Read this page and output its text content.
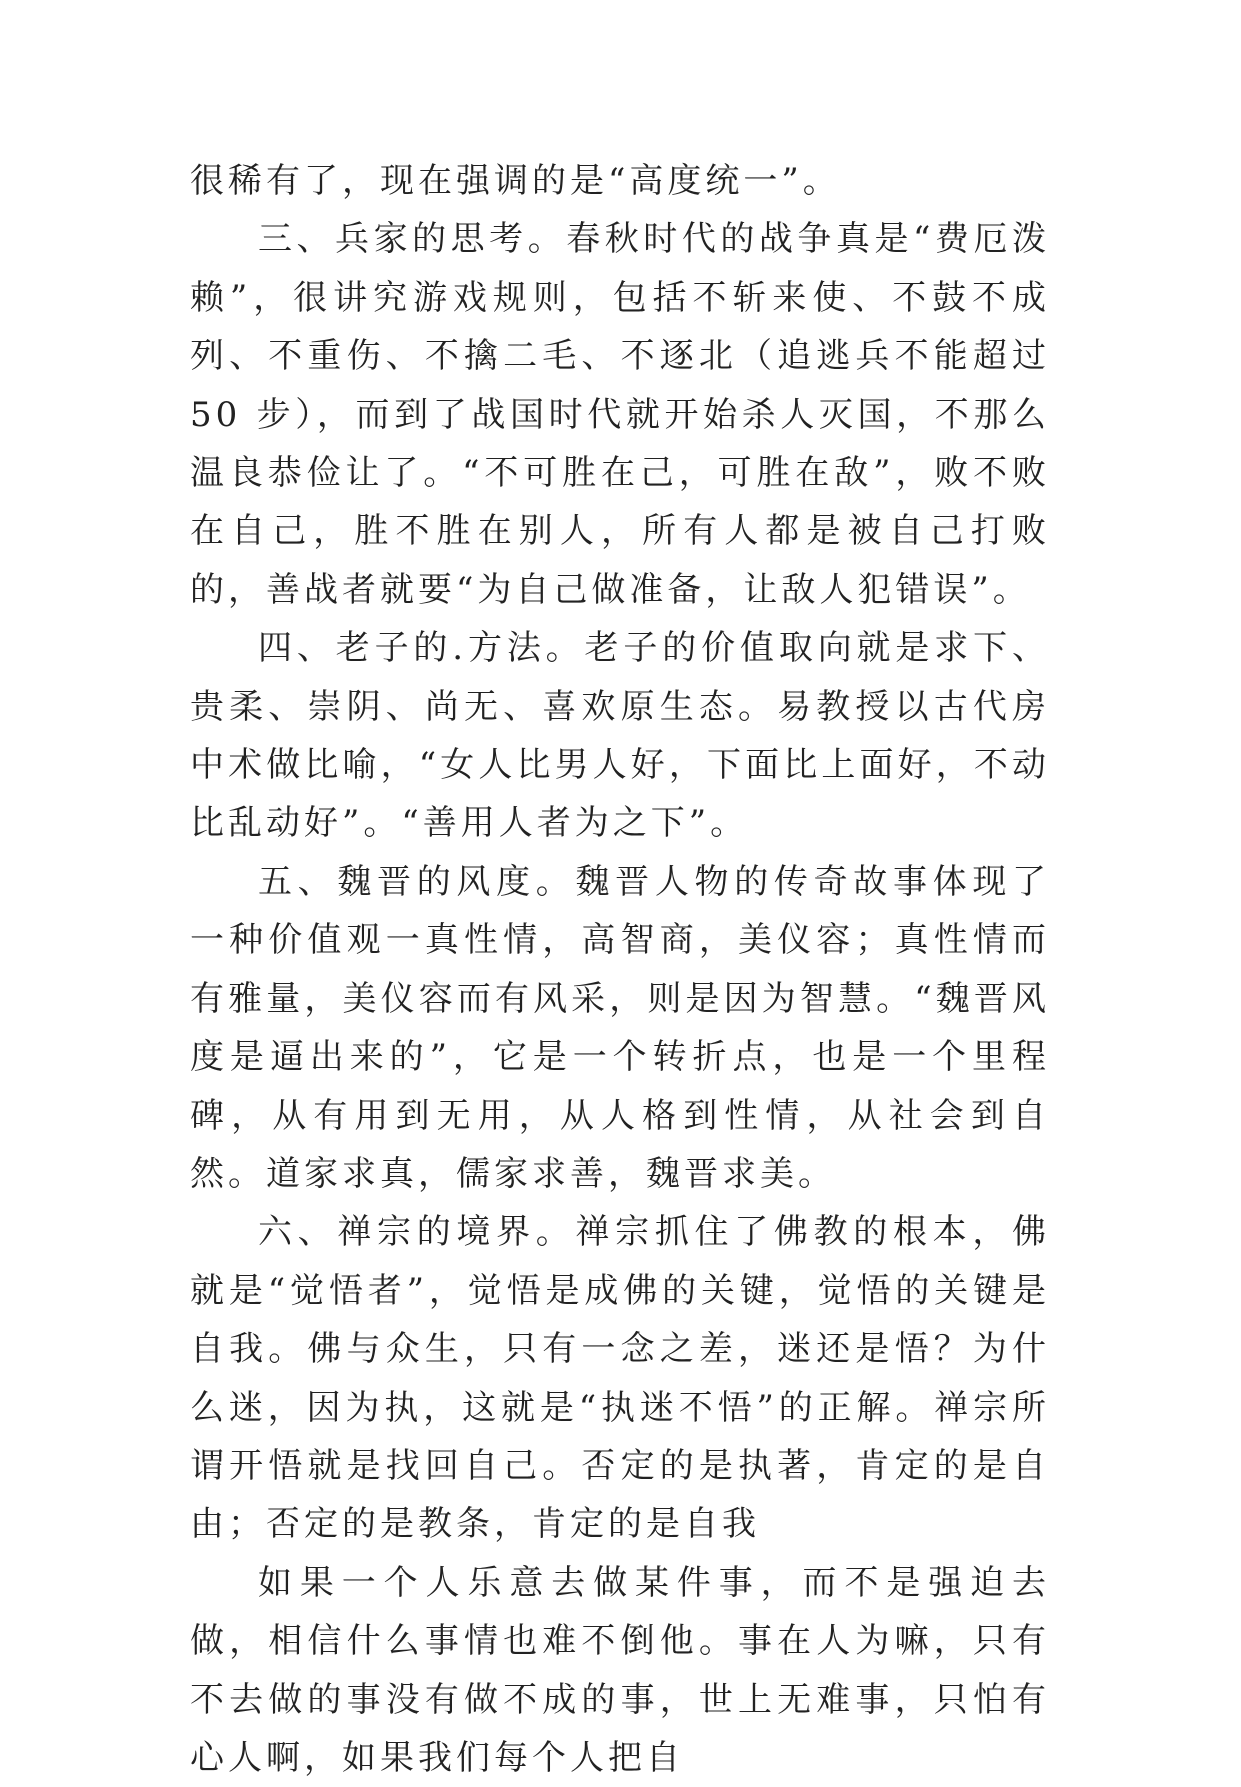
很稀有了，现在强调的是“高度统一”。

三、兵家的思考。春秋时代的战争真是“费厄泼赖”，很讲究游戏规则，包括不斩来使、不鼓不成列、不重伤、不擒二毛、不逐北（追逃兵不能超过 50 步），而到了战国时代就开始杀人灭国，不那么温良恭俭让了。“不可胜在己，可胜在敌”，败不败在自己，胜不胜在别人，所有人都是被自己打败的，善战者就要“为自己做准备，让敌人犯错误”。

四、老子的.方法。老子的价值取向就是求下、贵柔、崇阴、尚无、喜欢原生态。易教授以古代房中术做比喻，“女人比男人好，下面比上面好，不动比乱动好”。“善用人者为之下”。

五、魏晋的风度。魏晋人物的传奇故事体现了一种价值观一真性情，高智商，美仪容；真性情而有雅量，美仪容而有风采，则是因为智慧。“魏晋风度是逼出来的”，它是一个转折点，也是一个里程碑，从有用到无用，从人格到性情，从社会到自然。道家求真，儒家求善，魏晋求美。

六、禅宗的境界。禅宗抓住了佛教的根本，佛就是“觉悟者”，觉悟是成佛的关键，觉悟的关键是自我。佛与众生，只有一念之差，迷还是悟？为什么迷，因为执，这就是“执迷不悟”的正解。禅宗所谓开悟就是找回自己。否定的是执著，肯定的是自由；否定的是教条，肯定的是自我

如果一个人乐意去做某件事，而不是强迫去做，相信什么事情也难不倒他。事在人为嘛，只有不去做的事没有做不成的事，世上无难事，只怕有心人啊，如果我们每个人把自
